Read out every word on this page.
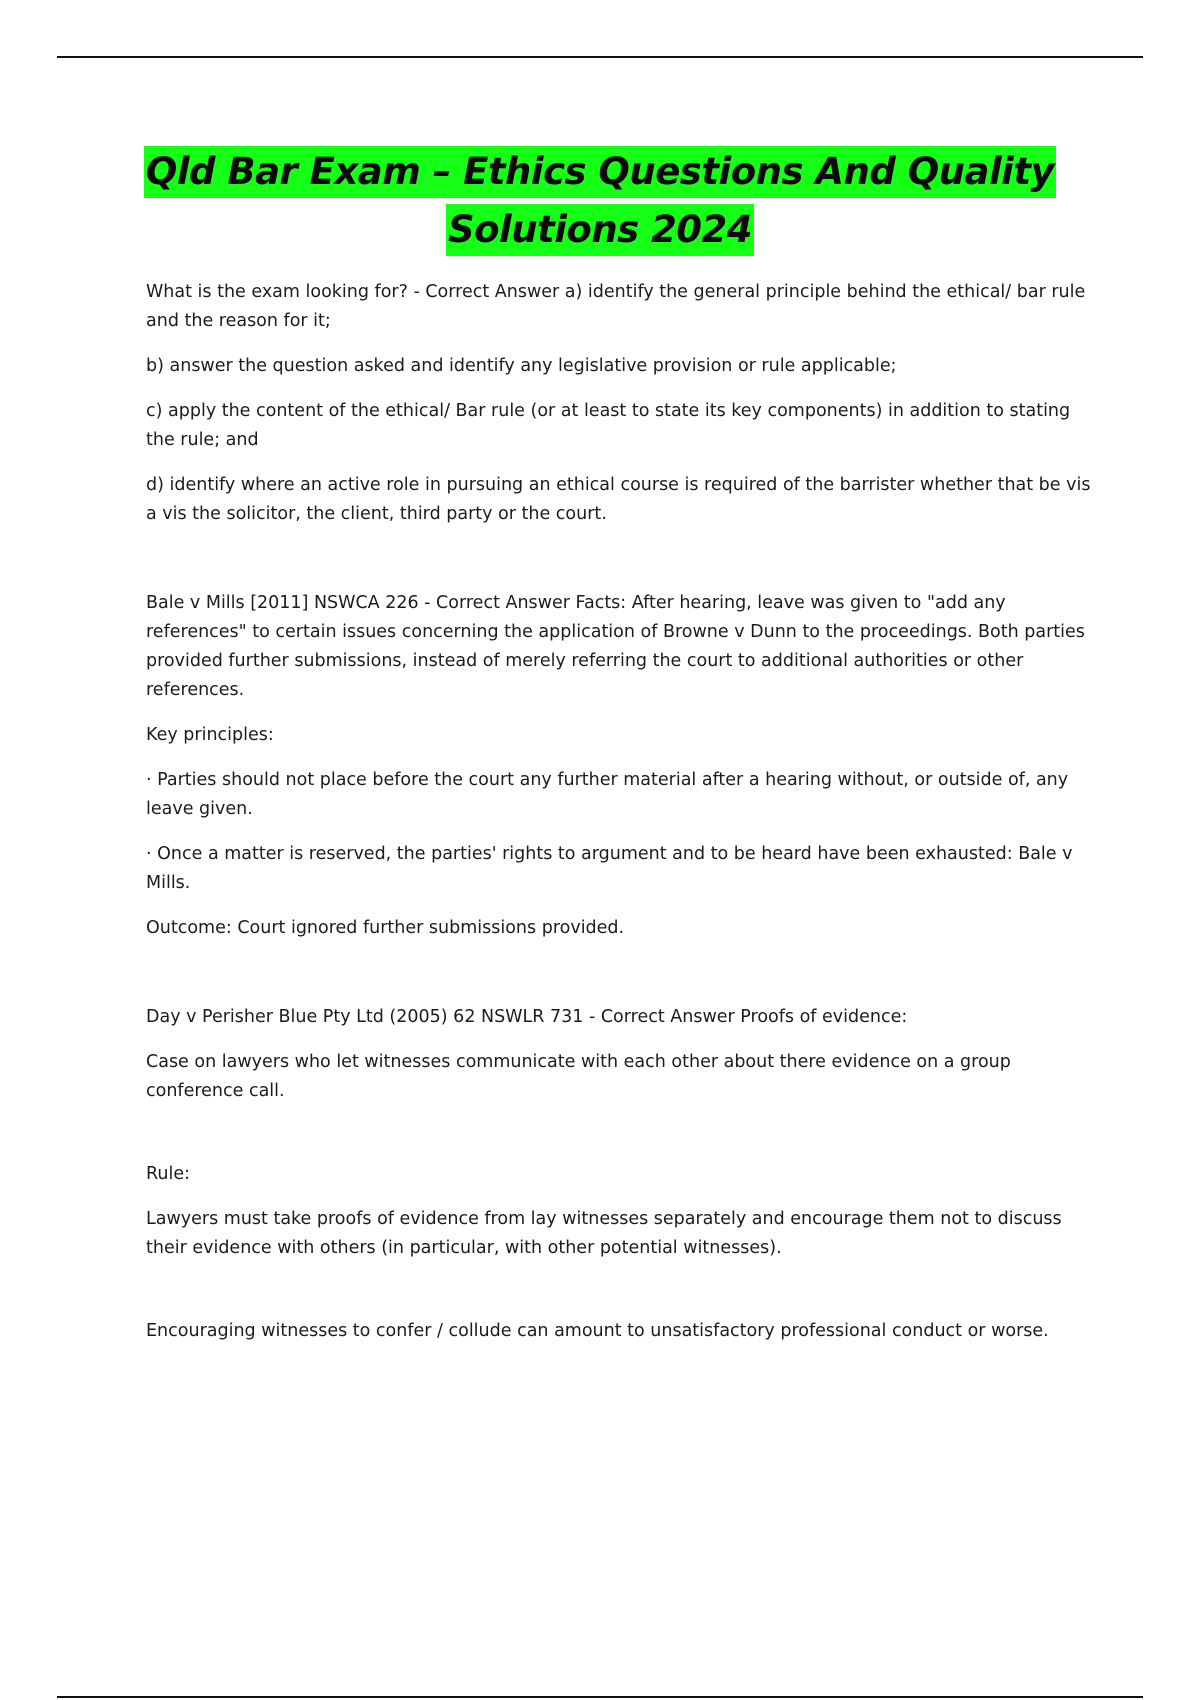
Qld Bar Exam – Ethics Questions And Quality
Solutions 2024

What is the exam looking for? - Correct Answer a) identify the general principle behind the ethical/ bar rule and the reason for it;

b) answer the question asked and identify any legislative provision or rule applicable;

c) apply the content of the ethical/ Bar rule (or at least to state its key components) in addition to stating the rule; and

d) identify where an active role in pursuing an ethical course is required of the barrister whether that be vis a vis the solicitor, the client, third party or the court.

Bale v Mills [2011] NSWCA 226 - Correct Answer Facts: After hearing, leave was given to "add any references" to certain issues concerning the application of Browne v Dunn to the proceedings. Both parties provided further submissions, instead of merely referring the court to additional authorities or other references.

Key principles:

· Parties should not place before the court any further material after a hearing without, or outside of, any leave given.

· Once a matter is reserved, the parties' rights to argument and to be heard have been exhausted: Bale v Mills.

Outcome: Court ignored further submissions provided.

Day v Perisher Blue Pty Ltd (2005) 62 NSWLR 731 - Correct Answer Proofs of evidence:

Case on lawyers who let witnesses communicate with each other about there evidence on a group conference call.

Rule:

Lawyers must take proofs of evidence from lay witnesses separately and encourage them not to discuss their evidence with others (in particular, with other potential witnesses).

Encouraging witnesses to confer / collude can amount to unsatisfactory professional conduct or worse.
